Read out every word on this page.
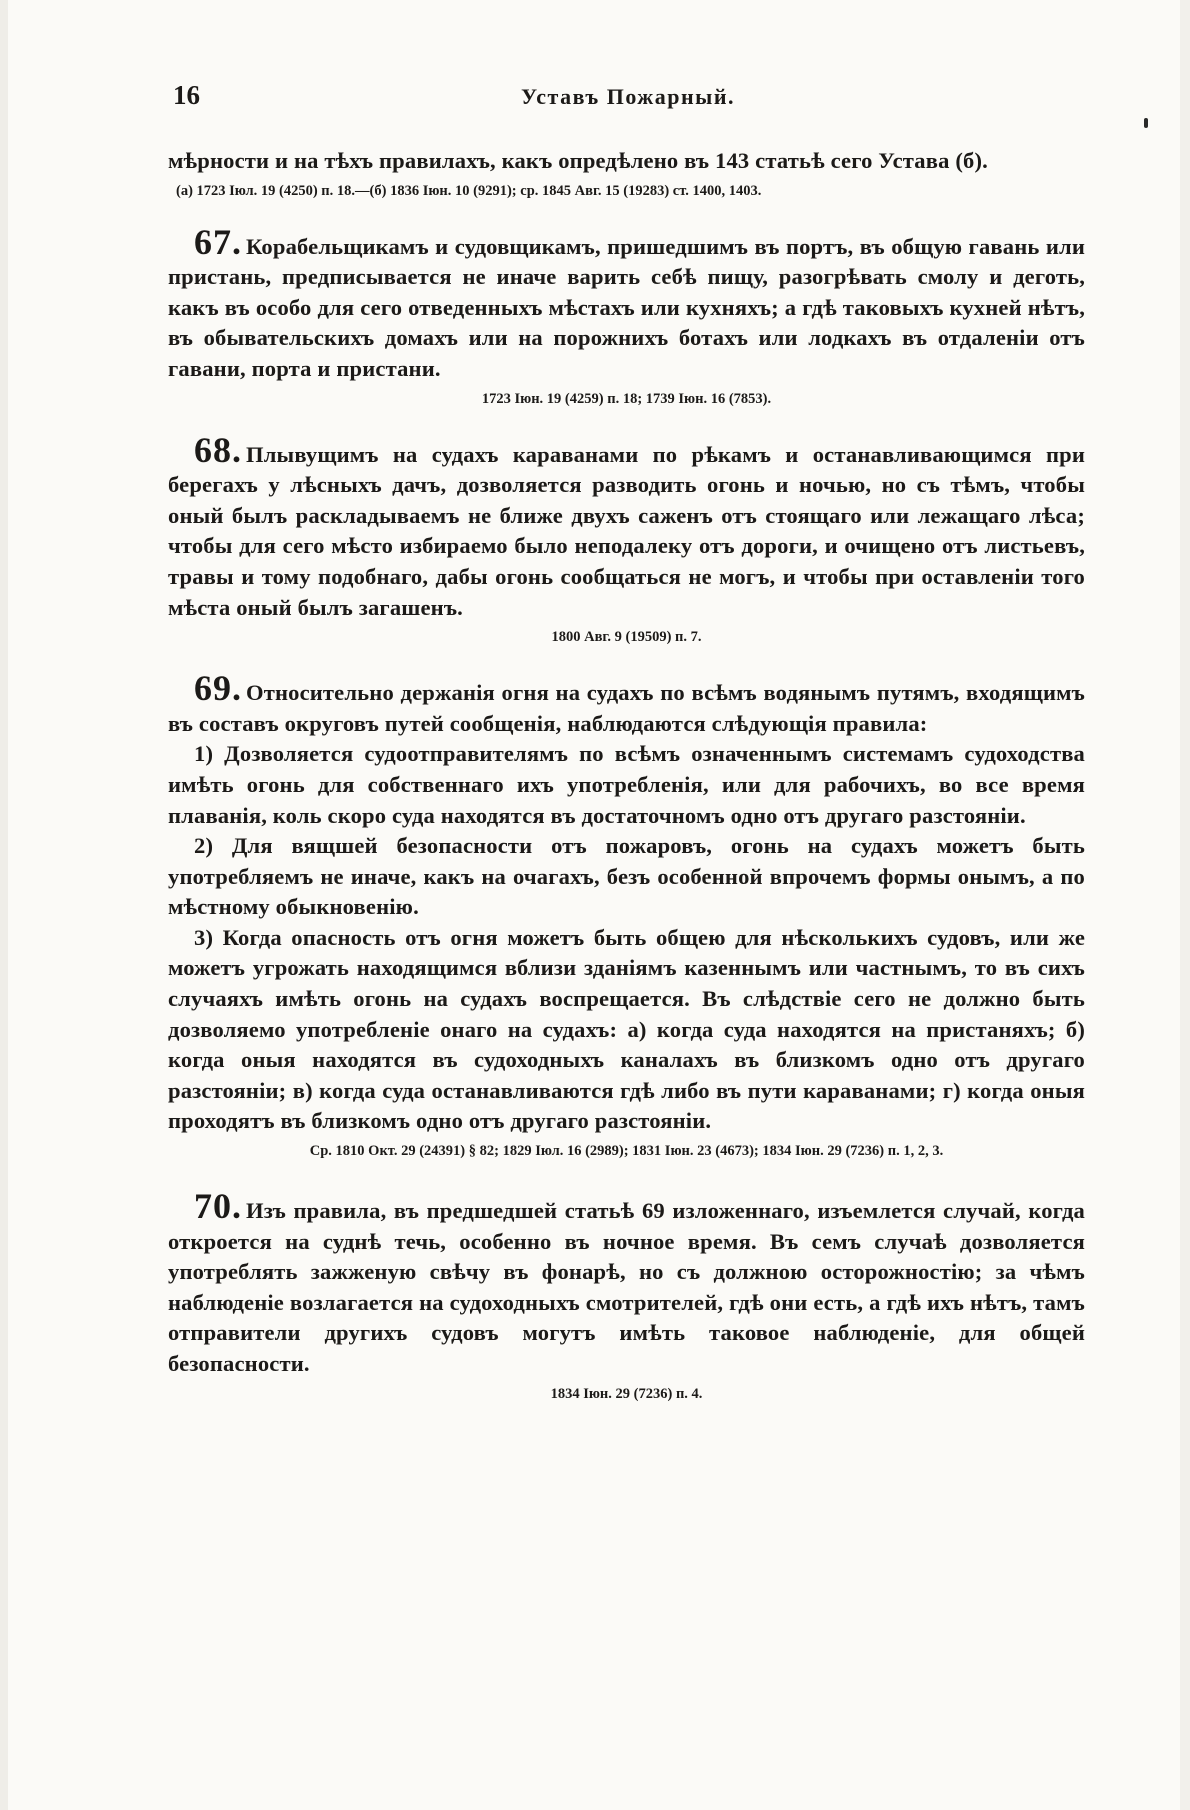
16	Уставъ Пожарный.

мѣрности и на тѣхъ правилахъ, какъ опредѣлено въ 143 статьѣ сего Устава (б).

(а) 1723 Іюл. 19 (4250) п. 18.—(б) 1836 Іюн. 10 (9291); ср. 1845 Авг. 15 (19283) ст. 1400, 1403.

67. Корабельщикамъ и судовщикамъ, пришедшимъ въ портъ, въ общую гавань или пристань, предписывается не иначе варить себѣ пищу, разогрѣвать смолу и деготь, какъ въ особо для сего отведенныхъ мѣстахъ или кухняхъ; а гдѣ таковыхъ кухней нѣтъ, въ обывательскихъ домахъ или на порожнихъ ботахъ или лодкахъ въ отдаленіи отъ гавани, порта и пристани.

1723 Іюн. 19 (4259) п. 18; 1739 Іюн. 16 (7853).

68. Плывущимъ на судахъ караванами по рѣкамъ и останавливающимся при берегахъ у лѣсныхъ дачъ, дозволяется разводить огонь и ночью, но съ тѣмъ, чтобы оный былъ раскладываемъ не ближе двухъ саженъ отъ стоящаго или лежащаго лѣса; чтобы для сего мѣсто избираемо было неподалеку отъ дороги, и очищено отъ листьевъ, травы и тому подобнаго, дабы огонь сообщаться не могъ, и чтобы при оставленіи того мѣста оный былъ загашенъ.

1800 Авг. 9 (19509) п. 7.

69. Относительно держанія огня на судахъ по всѣмъ водянымъ путямъ, входящимъ въ составъ округовъ путей сообщенія, наблюдаются слѣдующія правила:

1) Дозволяется судоотправителямъ по всѣмъ означеннымъ системамъ судоходства имѣть огонь для собственнаго ихъ употребленія, или для рабочихъ, во все время плаванія, коль скоро суда находятся въ достаточномъ одно отъ другаго разстояніи.

2) Для вящшей безопасности отъ пожаровъ, огонь на судахъ можетъ быть употребляемъ не иначе, какъ на очагахъ, безъ особенной впрочемъ формы онымъ, а по мѣстному обыкновенію.

3) Когда опасность отъ огня можетъ быть общею для нѣсколькихъ судовъ, или же можетъ угрожать находящимся вблизи зданіямъ казеннымъ или частнымъ, то въ сихъ случаяхъ имѣть огонь на судахъ воспрещается. Въ слѣдствіе сего не должно быть дозволяемо употребленіе онаго на судахъ: а) когда суда находятся на пристаняхъ; б) когда оныя находятся въ судоходныхъ каналахъ въ близкомъ одно отъ другаго разстояніи; в) когда суда останавливаются гдѣ либо въ пути караванами; г) когда оныя проходятъ въ близкомъ одно отъ другаго разстояніи.

Ср. 1810 Окт. 29 (24391) § 82; 1829 Іюл. 16 (2989); 1831 Іюн. 23 (4673); 1834 Іюн. 29 (7236) п. 1, 2, 3.

70. Изъ правила, въ предшедшей статьѣ 69 изложеннаго, изъемлется случай, когда откроется на суднѣ течь, особенно въ ночное время. Въ семъ случаѣ дозволяется употреблять зажженую свѣчу въ фонарѣ, но съ должною осторожностію; за чѣмъ наблюденіе возлагается на судоходныхъ смотрителей, гдѣ они есть, а гдѣ ихъ нѣтъ, тамъ отправители другихъ судовъ могутъ имѣть таковое наблюденіе, для общей безопасности.

1834 Іюн. 29 (7236) п. 4.
